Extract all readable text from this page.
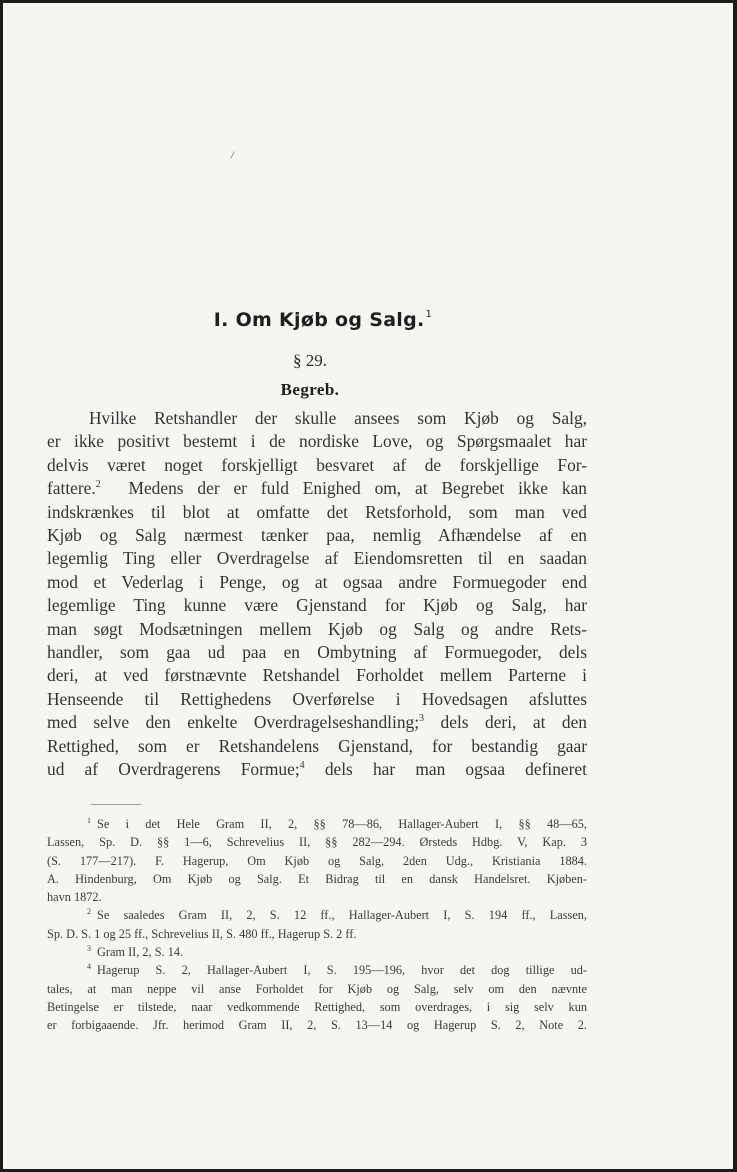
I. Om Kjøb og Salg.$^1$
§ 29.
Begreb.
Hvilke Retshandler der skulle ansees som Kjøb og Salg,
er ikke positivt bestemt i de nordiske Love, og Spørgsmaalet har
delvis været noget forskjelligt besvaret af de forskjellige For-
fattere.$^2$ Medens der er fuld Enighed om, at Begrebet ikke kan
indskrænkes til blot at omfatte det Retsforhold, som man ved
Kjøb og Salg nærmest tænker paa, nemlig Afhændelse af en
legemlig Ting eller Overdragelse af Eiendomsretten til en saadan
mod et Vederlag i Penge, og at ogsaa andre Formuegoder end
legemlige Ting kunne være Gjenstand for Kjøb og Salg, har
man søgt Modsætningen mellem Kjøb og Salg og andre Rets-
handler, som gaa ud paa en Ombytning af Formuegoder, dels
deri, at ved førstnævnte Retshandel Forholdet mellem Parterne i
Henseende til Rettighedens Overførelse i Hovedsagen afsluttes
med selve den enkelte Overdragelseshandling;$^3$ dels deri, at den
Rettighed, som er Retshandelens Gjenstand, for bestandig gaar
ud af Overdragerens Formue;$^4$ dels har man ogsaa defineret
$^1$ Se i det Hele Gram II, 2, §§ 78—86, Hallager-Aubert I, §§ 48—65,
Lassen, Sp. D. §§ 1—6, Schrevelius II, §§ 282—294. Ørsteds Hdbg. V, Kap. 3
(S. 177—217). F. Hagerup, Om Kjøb og Salg, 2den Udg., Kristiania 1884.
A. Hindenburg, Om Kjøb og Salg. Et Bidrag til en dansk Handelsret. Kjøben-
havn 1872.
$^2$ Se saaledes Gram II, 2, S. 12 ff., Hallager-Aubert I, S. 194 ff., Lassen,
Sp. D. S. 1 og 25 ff., Schrevelius II, S. 480 ff., Hagerup S. 2 ff.
$^3$ Gram II, 2, S. 14.
$^4$ Hagerup S. 2, Hallager-Aubert I, S. 195—196, hvor det dog tillige ud-
tales, at man neppe vil anse Forholdet for Kjøb og Salg, selv om den nævnte
Betingelse er tilstede, naar vedkommende Rettighed, som overdrages, i sig selv kun
er forbigaaende. Jfr. herimod Gram II, 2, S. 13—14 og Hagerup S. 2, Note 2.
